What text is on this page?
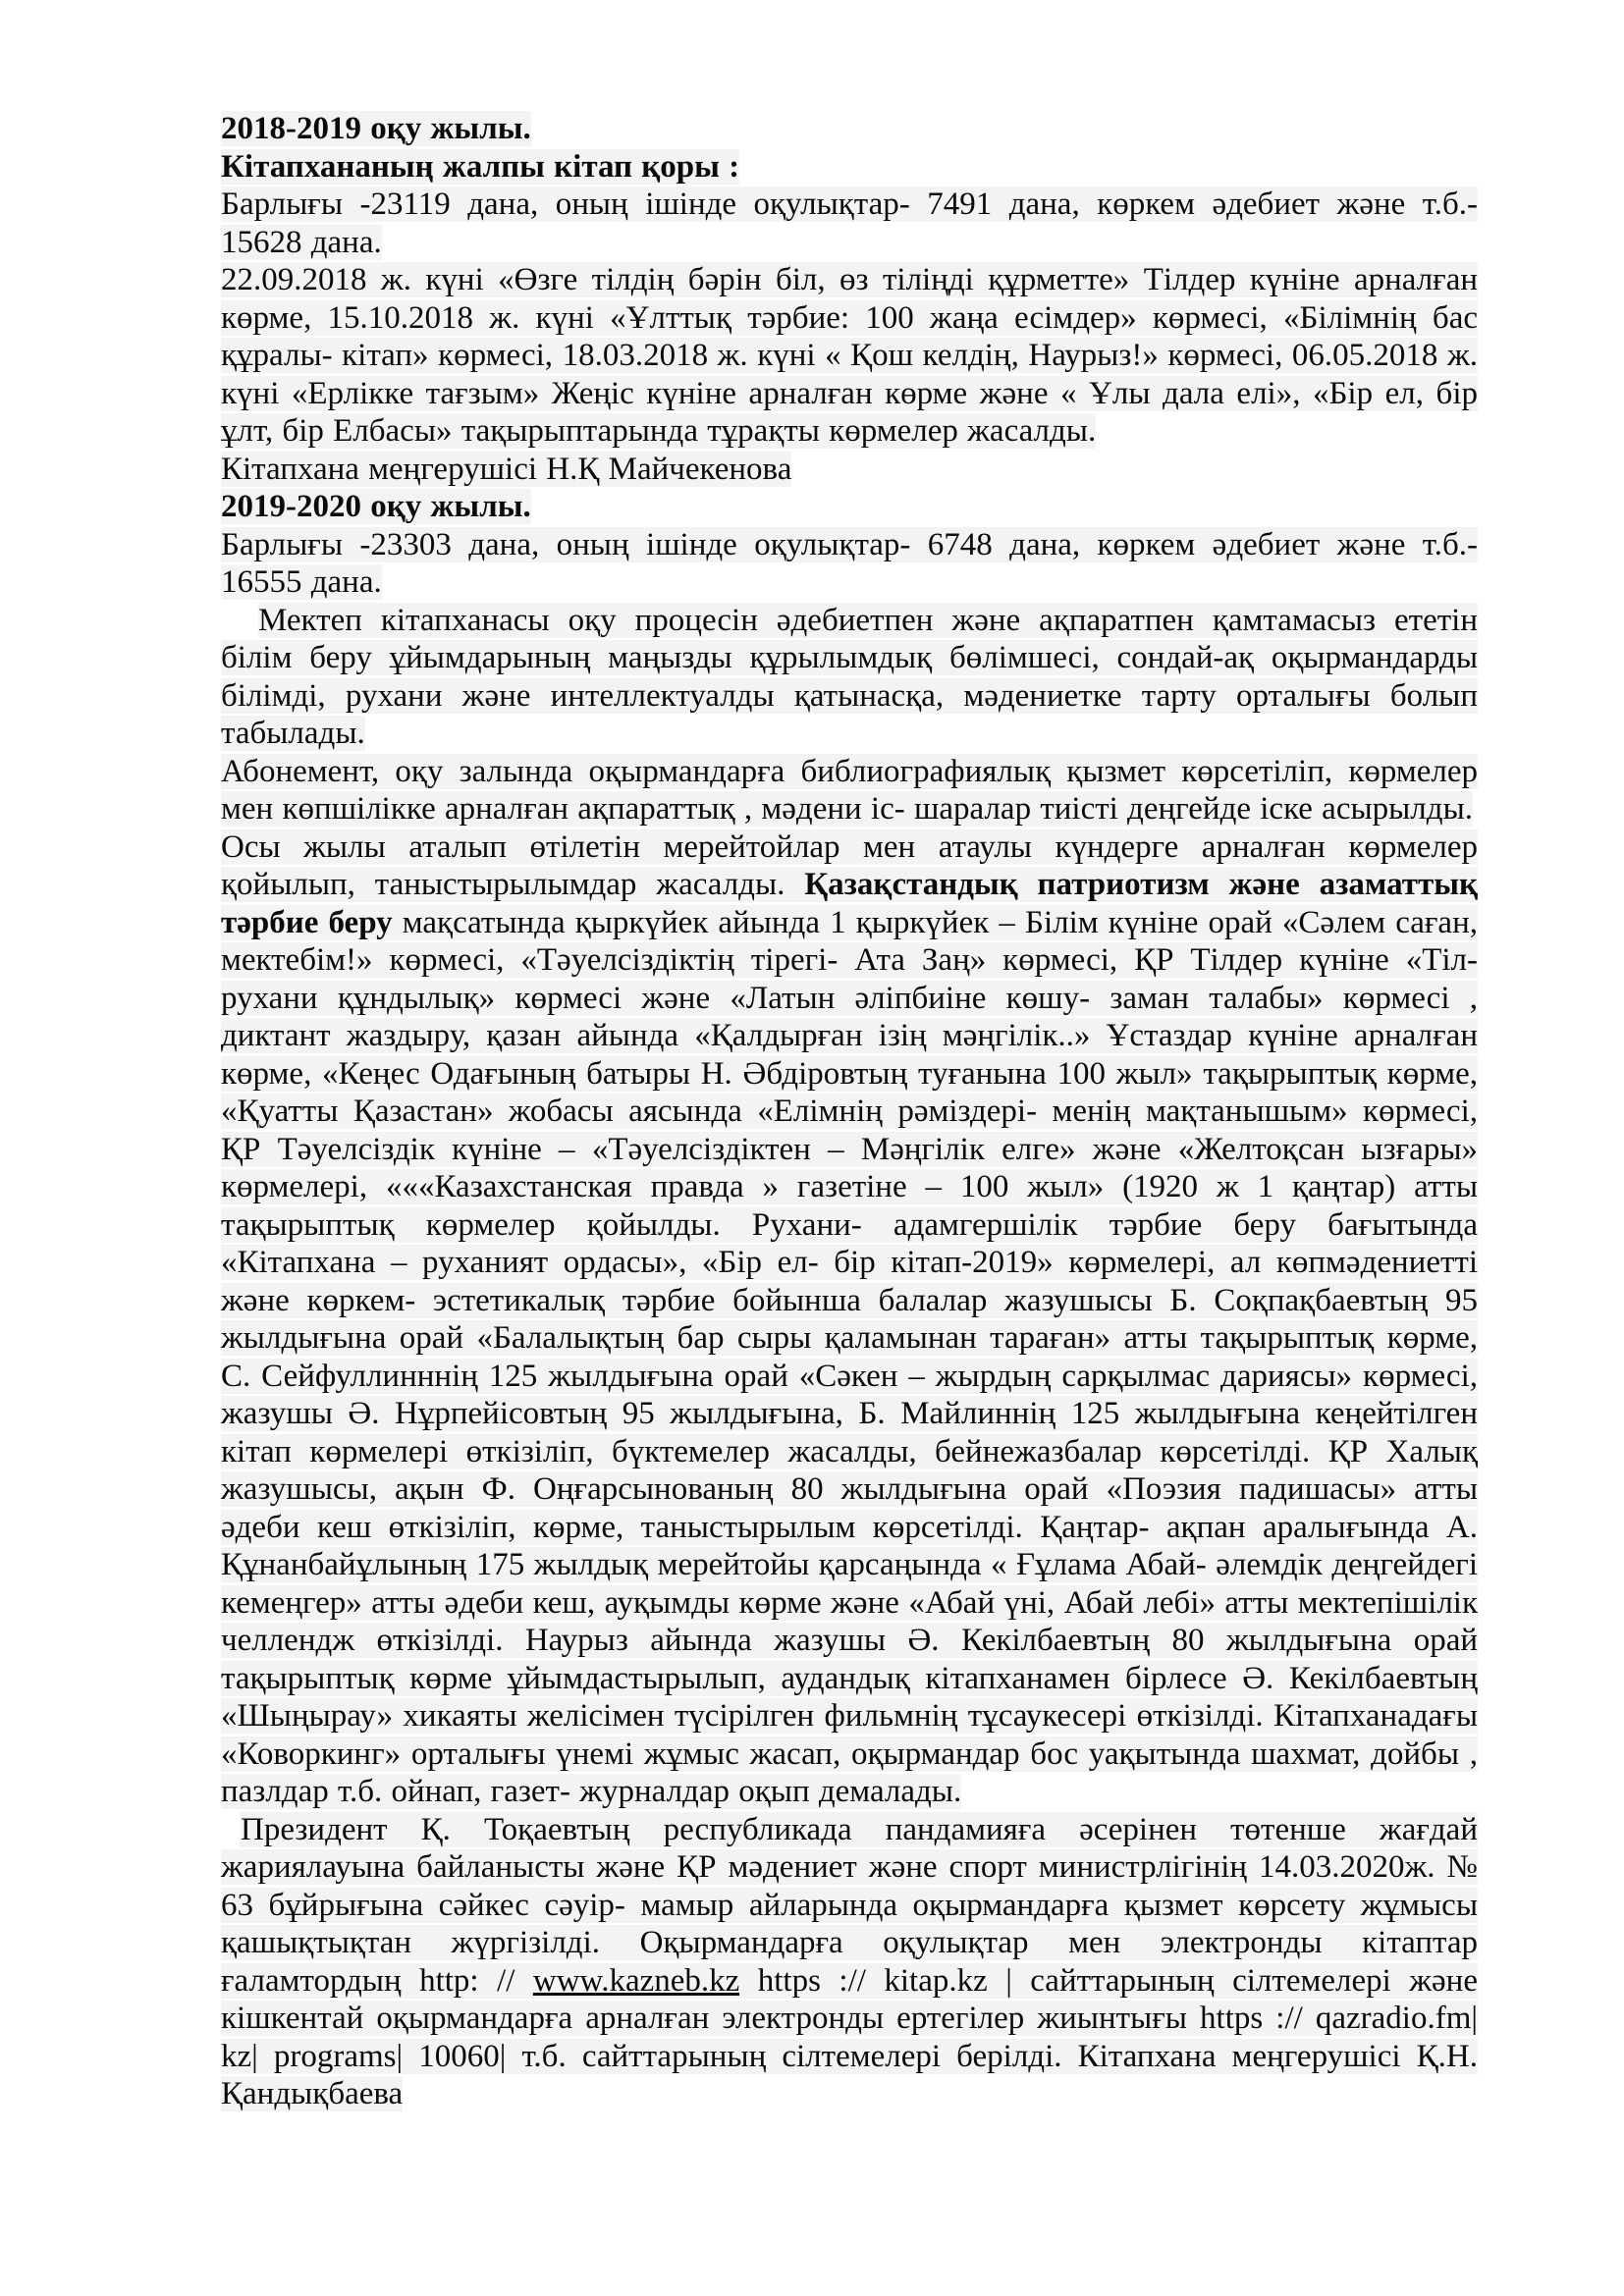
2018-2019 оқу жылы.

Кітапхананың жалпы кітап қоры :

Барлығы -23119 дана, оның ішінде оқулықтар- 7491 дана, көркем әдебиет және т.б.- 15628 дана.

22.09.2018 ж. күні «Өзге тілдің бәрін біл, өз тіліңді құрметте» Тілдер күніне арналған көрме, 15.10.2018 ж. күні «Ұлттық тәрбие: 100 жаңа есімдер» көрмесі, «Білімнің бас құралы- кітап» көрмесі, 18.03.2018 ж. күні « Қош келдің, Наурыз!» көрмесі, 06.05.2018 ж. күні «Ерлікке тағзым» Жеңіс күніне арналған көрме және « Ұлы дала елі», «Бір ел, бір ұлт, бір Елбасы» тақырыптарында тұрақты көрмелер жасалды.

Кітапхана меңгерушісі Н.Қ Майчекенова

2019-2020 оқу жылы.

Барлығы -23303 дана, оның ішінде оқулықтар- 6748 дана, көркем әдебиет және т.б.- 16555 дана.

Мектеп кітапханасы оқу процесін әдебиетпен және ақпаратпен қамтамасыз ететін білім беру ұйымдарының маңызды құрылымдық бөлімшесі, сондай-ақ оқырмандарды білімді, рухани және интеллектуалды қатынасқа, мәдениетке тарту орталығы болып табылады.

Абонемент, оқу залында оқырмандарға библиографиялық қызмет көрсетіліп, көрмелер мен көпшілікке арналған ақпараттық , мәдени іс- шаралар тиісті деңгейде іске асырылды.

Осы жылы аталып өтілетін мерейтойлар мен атаулы күндерге арналған көрмелер қойылып, таныстырылымдар жасалды. Қазақстандық патриотизм және азаматтық тәрбие беру мақсатында қыркүйек айында 1 қыркүйек – Білім күніне орай «Сәлем саған, мектебім!» көрмесі, «Тәуелсіздіктің тірегі- Ата Заң» көрмесі, ҚР Тілдер күніне «Тіл- рухани құндылық» көрмесі және «Латын әліпбиіне көшу- заман талабы» көрмесі , диктант жаздыру, қазан айында «Қалдырған ізің мәңгілік..» Ұстаздар күніне арналған көрме, «Кеңес Одағының батыры Н. Әбдіровтың туғанына 100 жыл» тақырыптық көрме, «Қуатты Қазастан» жобасы аясында «Елімнің рәміздері- менің мақтанышым» көрмесі, ҚР Тәуелсіздік күніне – «Тәуелсіздіктен – Мәңгілік елге» және «Желтоқсан ызғары» көрмелері, «««Казахстанская правда » газетіне – 100 жыл» (1920 ж 1 қаңтар) атты тақырыптық көрмелер қойылды. Рухани- адамгершілік тәрбие беру бағытында «Кітапхана – руханият ордасы», «Бір ел- бір кітап-2019» көрмелері, ал көпмәдениетті және көркем- эстетикалық тәрбие бойынша балалар жазушысы Б. Соқпақбаевтың 95 жылдығына орай «Балалықтың бар сыры қаламынан тараған» атты тақырыптық көрме, С. Сейфуллинннің 125 жылдығына орай «Сәкен – жырдың сарқылмас дариясы» көрмесі, жазушы Ә. Нұрпейісовтың 95 жылдығына, Б. Майлиннің 125 жылдығына кеңейтілген кітап көрмелері өткізіліп, бүктемелер жасалды, бейнежазбалар көрсетілді. ҚР Халық жазушысы, ақын Ф. Оңғарсынованың 80 жылдығына орай «Поэзия падишасы» атты әдеби кеш өткізіліп, көрме, таныстырылым көрсетілді. Қаңтар- ақпан аралығында А. Құнанбайұлының 175 жылдық мерейтойы қарсаңында « Ғұлама Абай- әлемдік деңгейдегі кемеңгер» атты әдеби кеш, ауқымды көрме және «Абай үні, Абай лебі» атты мектепішілік челлендж өткізілді. Наурыз айында жазушы Ә. Кекілбаевтың 80 жылдығына орай тақырыптық көрме ұйымдастырылып, аудандық кітапханамен бірлесе Ә. Кекілбаевтың «Шыңырау» хикаяты желісімен түсірілген фильмнің тұсаукесері өткізілді. Кітапханадағы «Коворкинг» орталығы үнемі жұмыс жасап, оқырмандар бос уақытында шахмат, дойбы , пазлдар т.б. ойнап, газет- журналдар оқып демалады.

Президент Қ. Тоқаевтың республикада пандамияға әсерінен төтенше жағдай жариялауына байланысты және ҚР мәдениет және спорт министрлігінің 14.03.2020ж. № 63 бұйрығына сәйкес сәуір- мамыр айларында оқырмандарға қызмет көрсету жұмысы қашықтықтан жүргізілді. Оқырмандарға оқулықтар мен электронды кітаптар ғаламтордың http: // www.kazneb.kz https :// kitap.kz | сайттарының сілтемелері және кішкентай оқырмандарға арналған электронды ертегілер жиынтығы https :// qazradio.fm| kz| programs| 10060| т.б. сайттарының сілтемелері берілді. Кітапхана меңгерушісі Қ.Н. Қандықбаева
